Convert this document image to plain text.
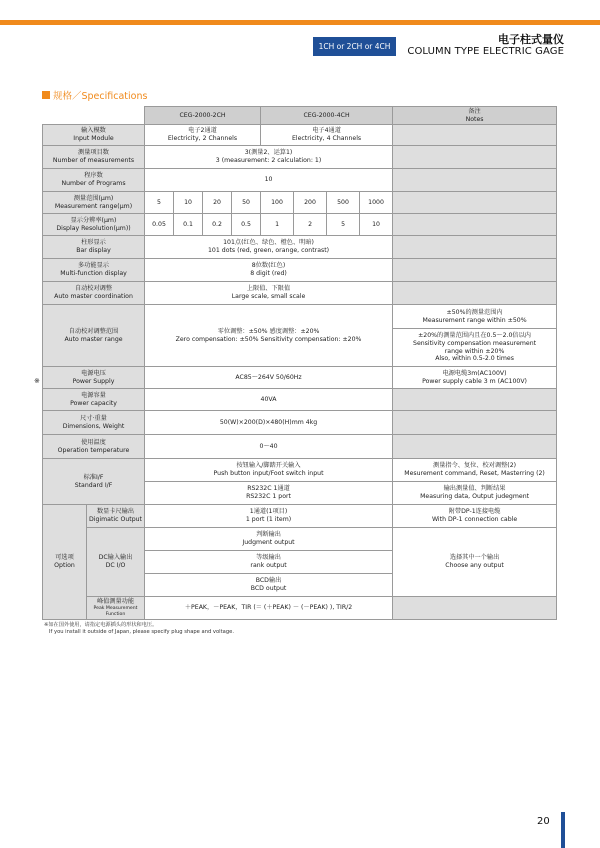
1CH or 2CH or 4CH
电子柱式量仪
COLUMN TYPE ELECTRIC GAGE
规格／Specifications
		CEG-2000-2CH				CEG-2000-4CH				备注
Notes

输入模数
Input Module		电子2通道
Electricity, 2 Channels				电子4通道
Electricity, 4 Channels				

测量项目数
Number of measurements		3(测量2、运算1)
3 (measurement: 2 calculation: 1)								

程序数
Number of Programs		10								

测量范围(μm)
Measurement range(μm)		5	10	20	50	100	200	500	1000	

显示分辨率(μm)
Display Resolution(μm))		0.05	0.1	0.2	0.5	1	2	5	10	

柱形显示
Bar display		101点(红色、绿色、橙色、明暗)
101 dots (red, green, orange, contrast)								

多功能显示
Multi-function display		8位数(红色)
8 digit (red)								

自动校对调整
Auto master coordination		上限值、下限值
Large scale, small scale								

自动校对调整范围
Auto master range		零位调整：±50% 感度调整：±20%
Zero compensation: ±50% Sensitivity compensation: ±20%								±50%的测量范围内
Measurement range within ±50%

										±20%的测量范围内且在0.5～2.0倍以内
Sensitivity compensation measurement
range within ±20%
Also, within 0.5-2.0 times

电源电压
Power Supply		AC85～264V 50/60Hz								电源电缆3m(AC100V)
Power supply cable 3 m (AC100V)

电源容量
Power capacity		40VA								

尺寸·重量
Dimensions, Weight		50(W)×200(D)×480(H)mm 4kg								

使用温度
Operation temperature		0～40								

标准I/F
Standard I/F		按钮输入/脚踏开关输入
Push button input/Foot switch input								测量指令、复位、校对调整(2)
Mesurement command, Reset, Masterring (2)

		RS232C 1通道
RS232C 1 port								输出测量值、判断结果
Measuring data, Output judegment

可选项
Option	数显卡尺输出
Digimatic Output	1通道(1项目)
1 port (1 item)								附带DP-1连接电缆
With DP-1 connection cable

	DC输入输出
DC I/O	判断输出
Judgment output								选择其中一个输出
Choose any output

		等级输出
rank output								

		BCD输出
BCD output								

	峰值测量功能
Peak Measurement Function	＋PEAK，－PEAK，TIR (＝ (＋PEAK) － (－PEAK) ), TIR/2								
※
※如在国外使用，请指定电源插头的形状和电压。
If you install it outside of Japan, please specify plug shape and voltage.
20
